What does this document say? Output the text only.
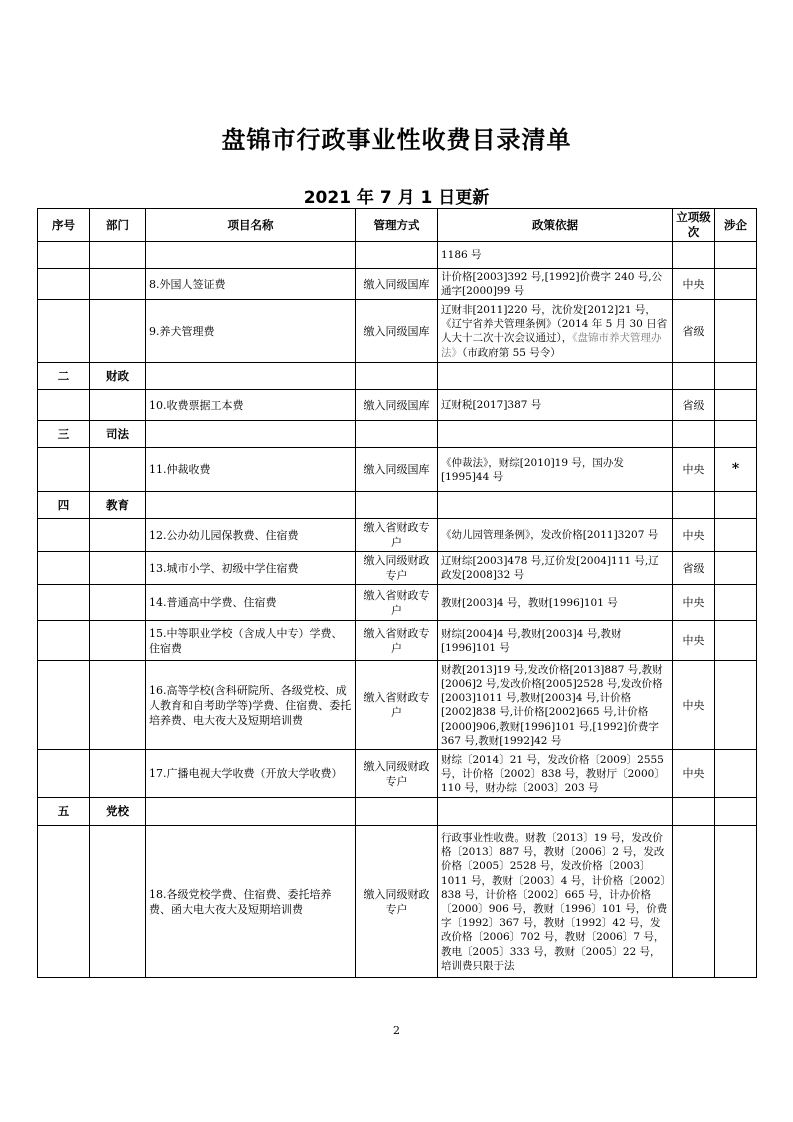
盘锦市行政事业性收费目录清单
2021 年 7 月 1 日更新
序号	部门	项目名称	管理方式	政策依据	立项级次	涉企
				1186 号		
		8.外国人签证费	缴入同级国库	计价格[2003]392 号,[1992]价费字 240 号,公通字[2000]99 号	中央	
		9.养犬管理费	缴入同级国库	辽财非[2011]220 号，沈价发[2012]21 号，《辽宁省养犬管理条例》（2014 年 5 月 30 日省人大十二次十次会议通过），《盘锦市养犬管理办法》（市政府第 55 号令）	省级	
二	财政					
		10.收费票据工本费	缴入同级国库	辽财税[2017]387 号	省级	
三	司法					
		11.仲裁收费	缴入同级国库	《仲裁法》，财综[2010]19 号，国办发[1995]44 号	中央	*
四	教育					
		12.公办幼儿园保教费、住宿费	缴入省财政专户	《幼儿园管理条例》，发改价格[2011]3207 号	中央	
		13.城市小学、初级中学住宿费	缴入同级财政专户	辽财综[2003]478 号,辽价发[2004]111 号,辽政发[2008]32 号	省级	
		14.普通高中学费、住宿费	缴入省财政专户	教财[2003]4 号，教财[1996]101 号	中央	
		15.中等职业学校（含成人中专）学费、住宿费	缴入省财政专户	财综[2004]4 号,教财[2003]4 号,教财[1996]101 号	中央	
		16.高等学校(含科研院所、各级党校、成人教育和自考助学等)学费、住宿费、委托培养费、电大夜大及短期培训费	缴入省财政专户	财教[2013]19 号,发改价格[2013]887 号,教财[2006]2 号,发改价格[2005]2528 号,发改价格[2003]1011 号,教财[2003]4 号,计价格[2002]838 号,计价格[2002]665 号,计价格[2000]906,教财[1996]101 号,[1992]价费字 367 号,教财[1992]42 号	中央	
		17.广播电视大学收费（开放大学收费）	缴入同级财政专户	财综〔2014〕21 号，发改价格〔2009〕2555 号，计价格〔2002〕838 号，教财厅〔2000〕110 号，财办综〔2003〕203 号	中央	
五	党校					
		18.各级党校学费、住宿费、委托培养费、函大电大夜大及短期培训费	缴入同级财政专户	行政事业性收费。财教〔2013〕19 号，发改价格〔2013〕887 号，教财〔2006〕2 号，发改价格〔2005〕2528 号，发改价格〔2003〕1011 号，教财〔2003〕4 号，计价格〔2002〕838 号，计价格〔2002〕665 号，计办价格〔2000〕906 号，教财〔1996〕101 号，价费字〔1992〕367 号，教财〔1992〕42 号，发改价格〔2006〕702 号，教财〔2006〕7 号，教电〔2005〕333 号，教财〔2005〕22 号，培训费只限于法		
2
